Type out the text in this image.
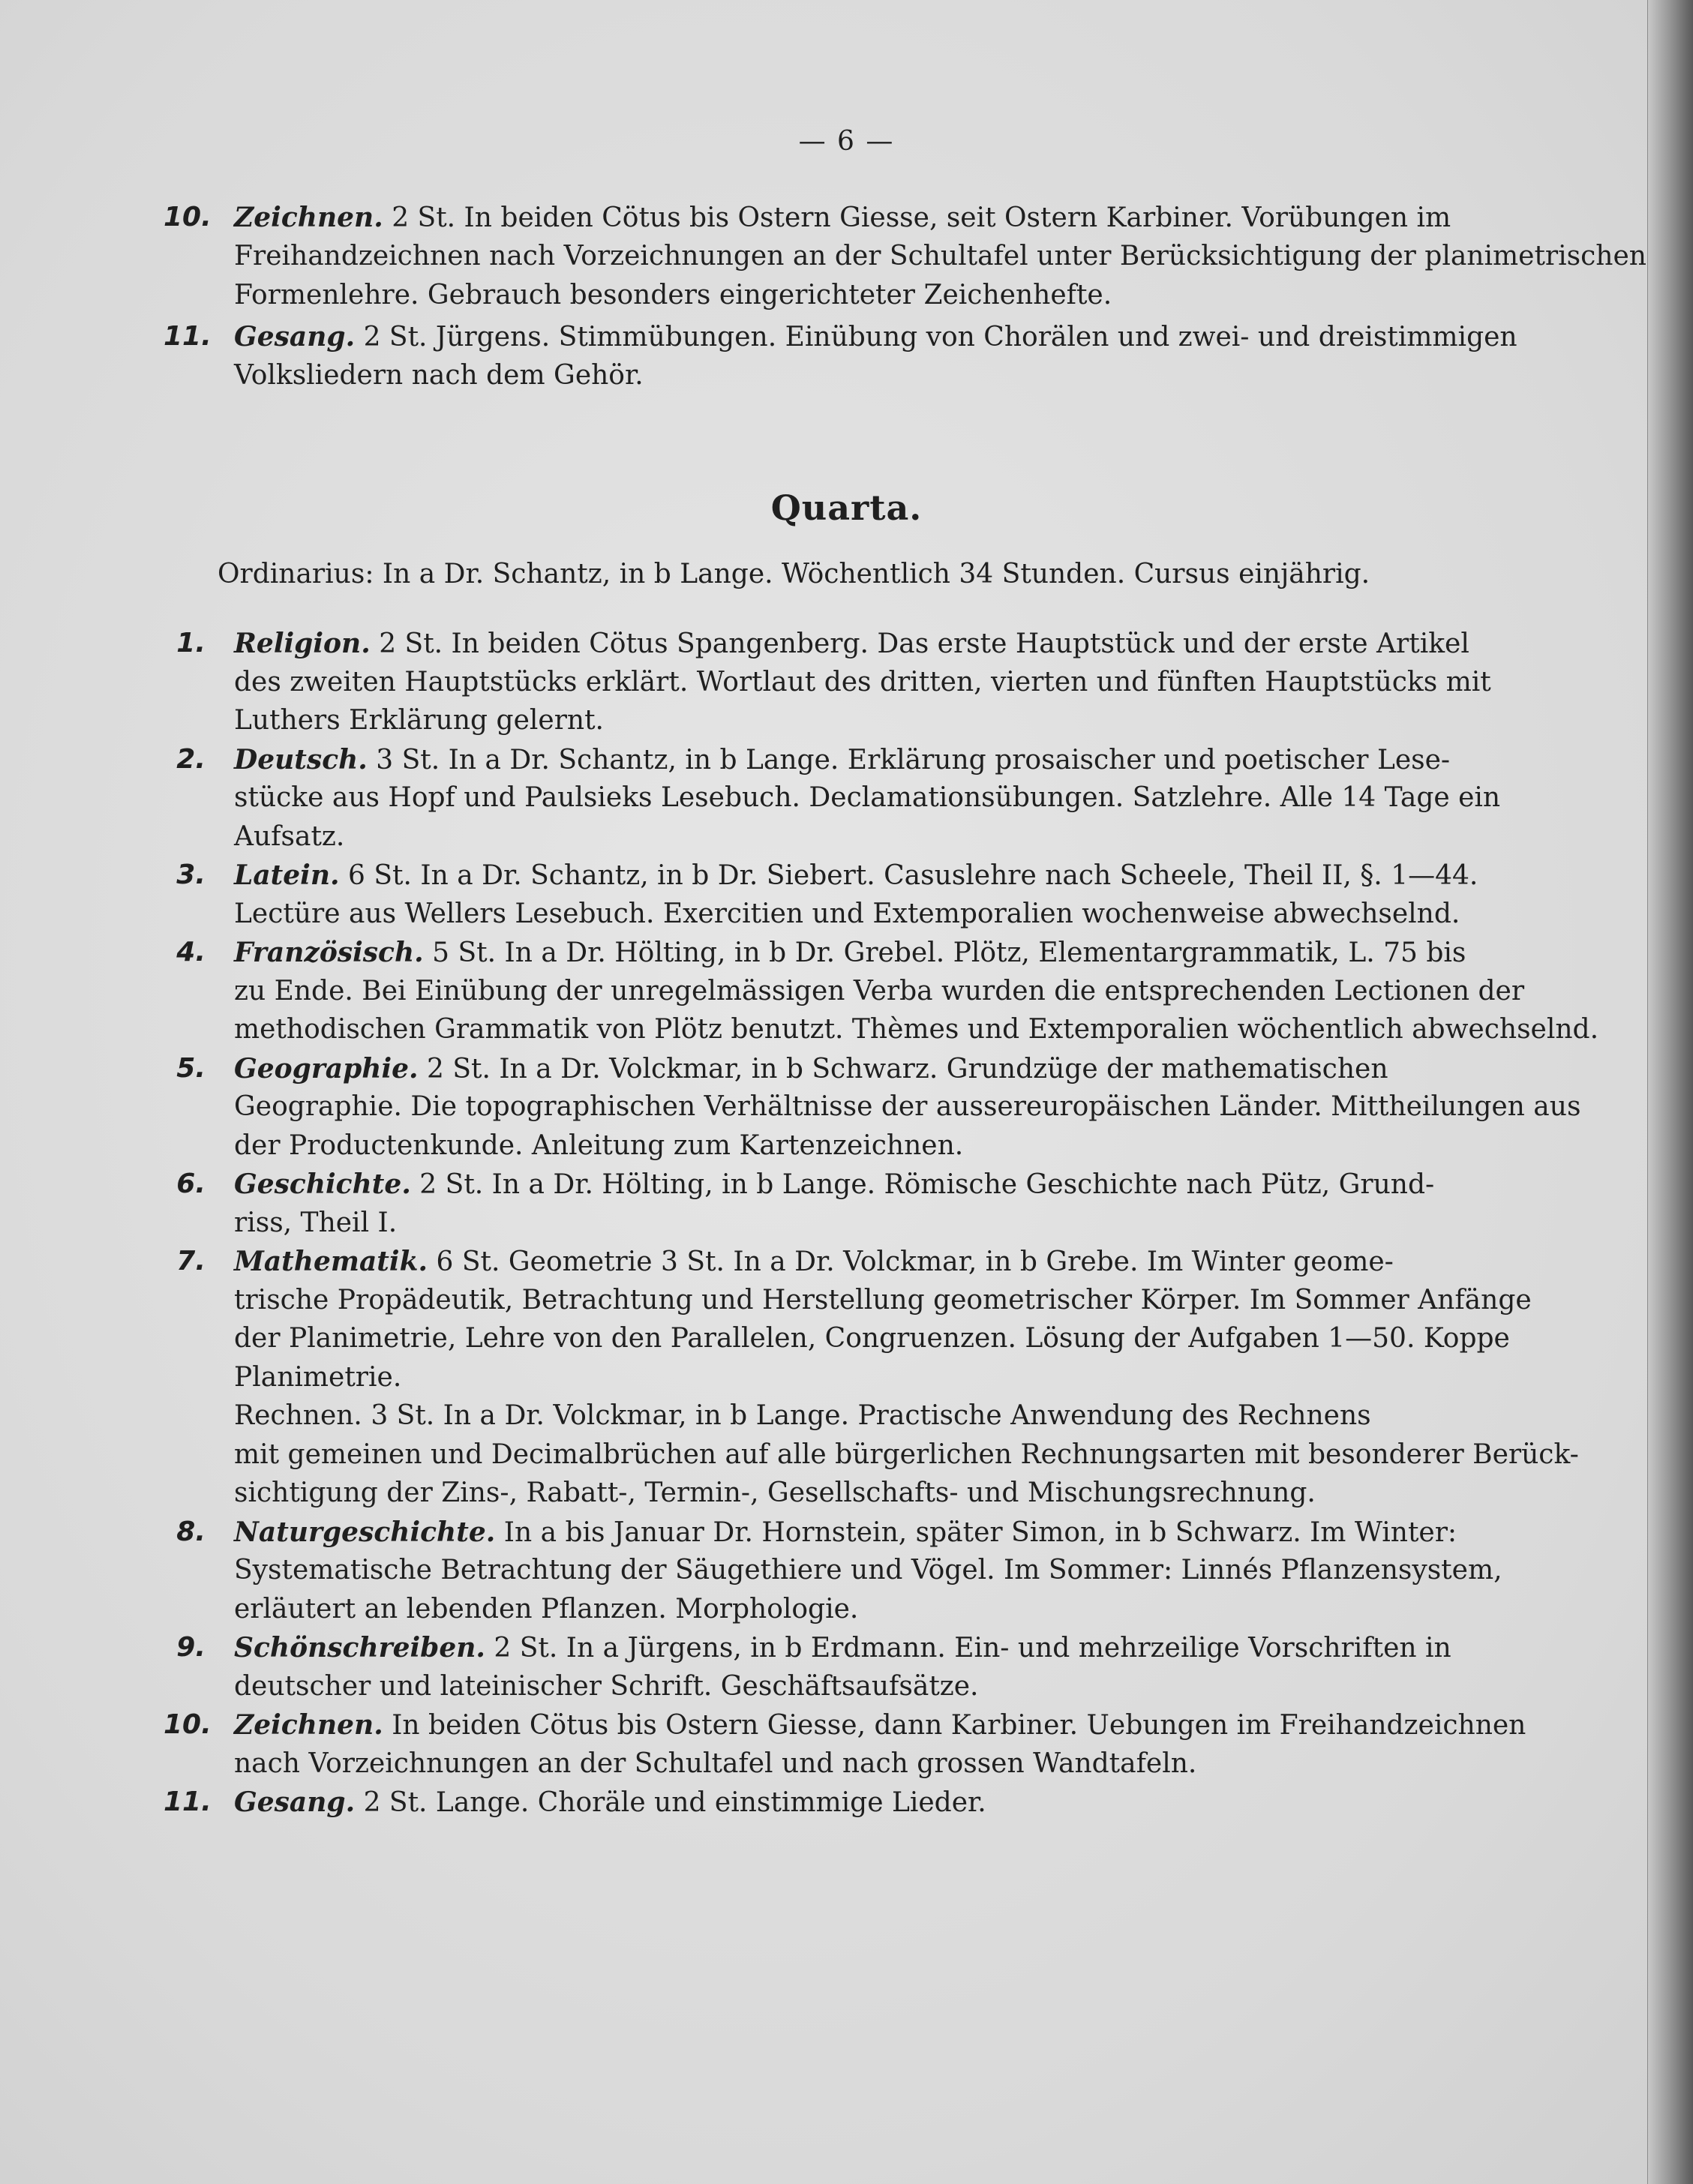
— 6 —
10. Zeichnen. 2 St. In beiden Cötus bis Ostern Giesse, seit Ostern Karbiner. Vorübungen im
Freihandzeichnen nach Vorzeichnungen an der Schultafel unter Berücksichtigung der planimetrischen
Formenlehre. Gebrauch besonders eingerichteter Zeichenhefte.
11. Gesang. 2 St. Jürgens. Stimmübungen. Einübung von Chorälen und zwei- und dreistimmigen
Volksliedern nach dem Gehör.
Quarta.
Ordinarius: In a Dr. Schantz, in b Lange. Wöchentlich 34 Stunden. Cursus einjährig.
1. Religion. 2 St. In beiden Cötus Spangenberg. Das erste Hauptstück und der erste Artikel
des zweiten Hauptstücks erklärt. Wortlaut des dritten, vierten und fünften Hauptstücks mit
Luthers Erklärung gelernt.
2. Deutsch. 3 St. In a Dr. Schantz, in b Lange. Erklärung prosaischer und poetischer Lese-
stücke aus Hopf und Paulsieks Lesebuch. Declamationsübungen. Satzlehre. Alle 14 Tage ein
Aufsatz.
3. Latein. 6 St. In a Dr. Schantz, in b Dr. Siebert. Casuslehre nach Scheele, Theil II, §. 1—44.
Lectüre aus Wellers Lesebuch. Exercitien und Extemporalien wochenweise abwechselnd.
4. Französisch. 5 St. In a Dr. Hölting, in b Dr. Grebel. Plötz, Elementargrammatik, L. 75 bis
zu Ende. Bei Einübung der unregelmässigen Verba wurden die entsprechenden Lectionen der
methodischen Grammatik von Plötz benutzt. Thèmes und Extemporalien wöchentlich abwechselnd.
5. Geographie. 2 St. In a Dr. Volckmar, in b Schwarz. Grundzüge der mathematischen
Geographie. Die topographischen Verhältnisse der aussereuropäischen Länder. Mittheilungen aus
der Productenkunde. Anleitung zum Kartenzeichnen.
6. Geschichte. 2 St. In a Dr. Hölting, in b Lange. Römische Geschichte nach Pütz, Grund-
riss, Theil I.
7. Mathematik. 6 St. Geometrie 3 St. In a Dr. Volckmar, in b Grebe. Im Winter geome-
trische Propädeutik, Betrachtung und Herstellung geometrischer Körper. Im Sommer Anfänge
der Planimetrie, Lehre von den Parallelen, Congruenzen. Lösung der Aufgaben 1—50. Koppe
Planimetrie.
Rechnen. 3 St. In a Dr. Volckmar, in b Lange. Practische Anwendung des Rechnens
mit gemeinen und Decimalbrüchen auf alle bürgerlichen Rechnungsarten mit besonderer Berück-
sichtigung der Zins-, Rabatt-, Termin-, Gesellschafts- und Mischungsrechnung.
8. Naturgeschichte. In a bis Januar Dr. Hornstein, später Simon, in b Schwarz. Im Winter:
Systematische Betrachtung der Säugethiere und Vögel. Im Sommer: Linnés Pflanzensystem,
erläutert an lebenden Pflanzen. Morphologie.
9. Schönschreiben. 2 St. In a Jürgens, in b Erdmann. Ein- und mehrzeilige Vorschriften in
deutscher und lateinischer Schrift. Geschäftsaufsätze.
10. Zeichnen. In beiden Cötus bis Ostern Giesse, dann Karbiner. Uebungen im Freihandzeichnen
nach Vorzeichnungen an der Schultafel und nach grossen Wandtafeln.
11. Gesang. 2 St. Lange. Choräle und einstimmige Lieder.
